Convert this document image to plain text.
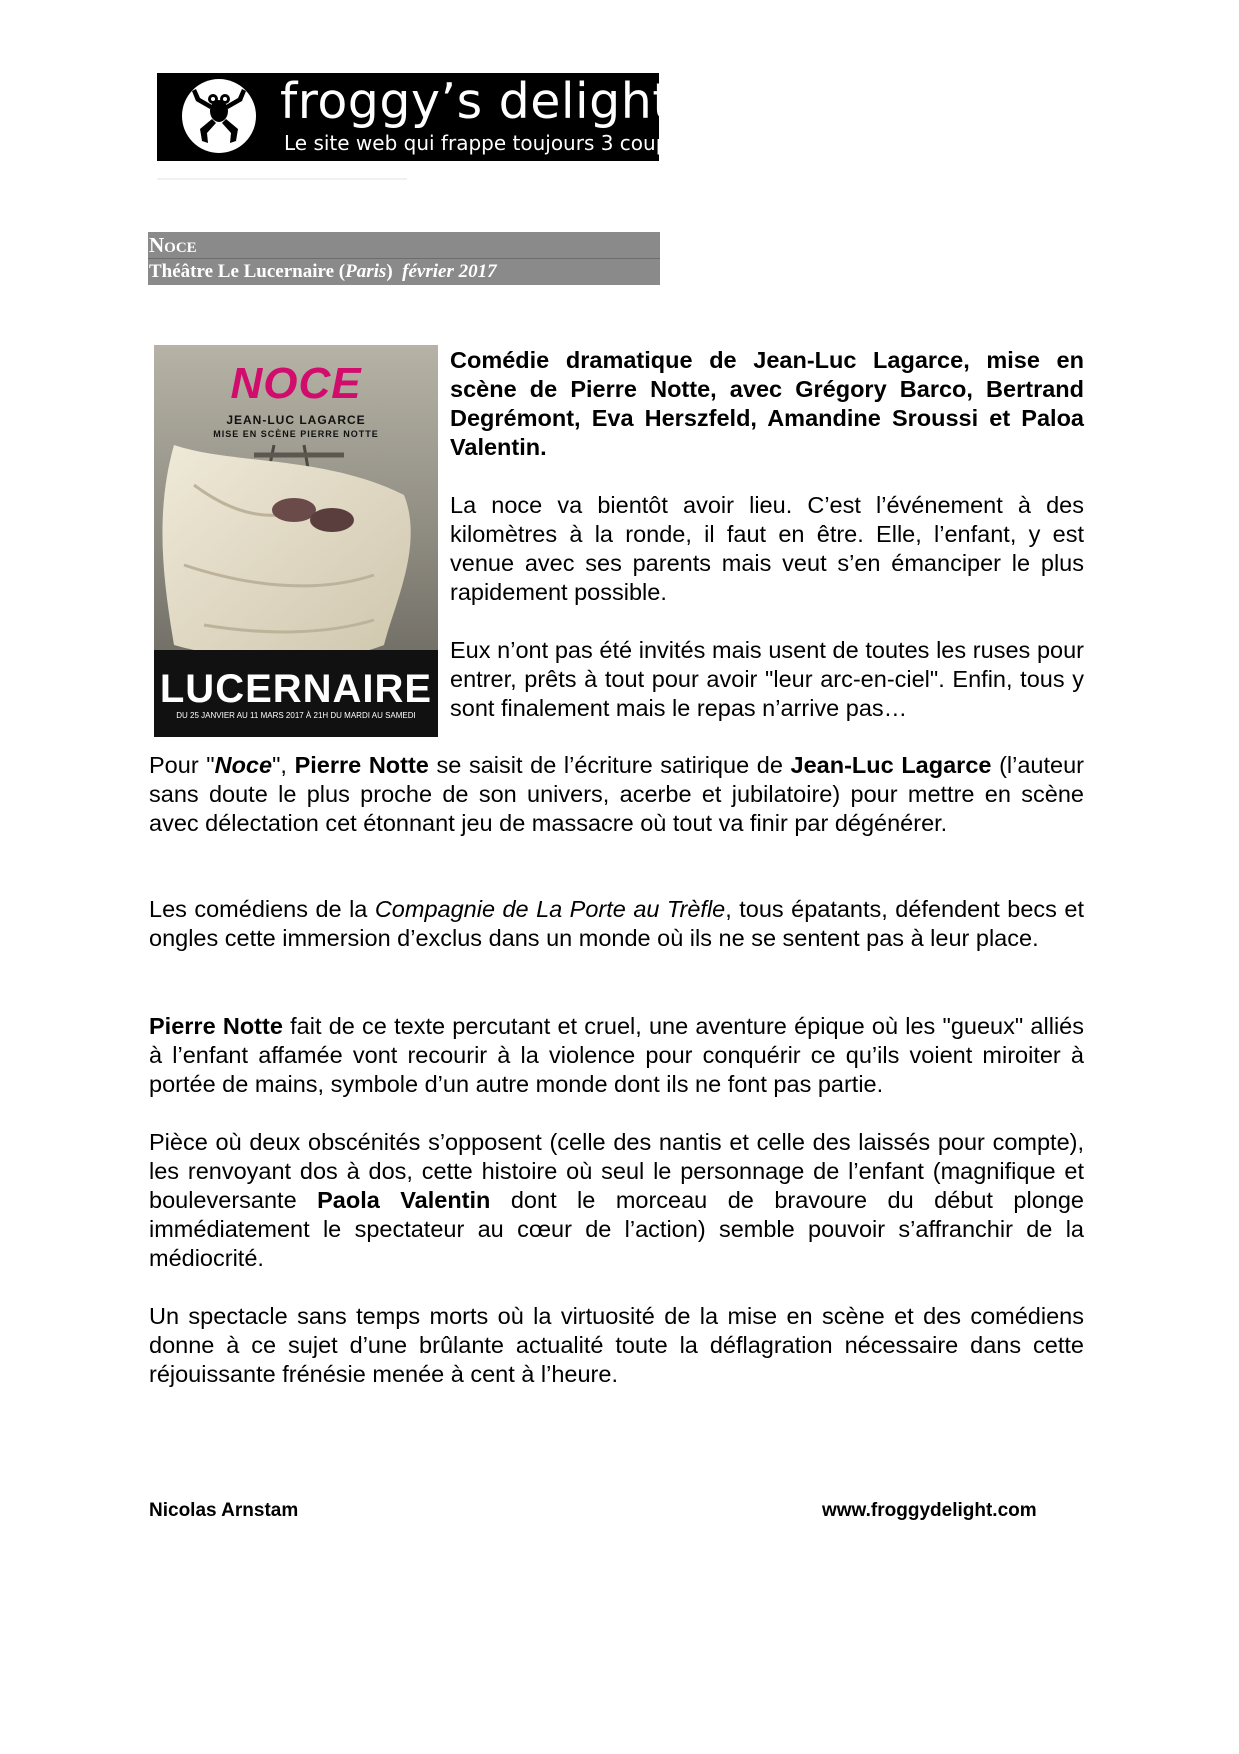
froggy’s delight
Le site web qui frappe toujours 3 coups
Noce
Théâtre Le Lucernaire (Paris)  février 2017
NOCE
JEAN-LUC LAGARCE
MISE EN SCÈNE PIERRE NOTTE
LUCERNAIRE
DU 25 JANVIER AU 11 MARS 2017 À 21H DU MARDI AU SAMEDI

Comédie dramatique de Jean-Luc Lagarce, mise en scène de Pierre Notte, avec Grégory Barco, Bertrand Degrémont, Eva Herszfeld, Amandine Sroussi et Paloa Valentin.

La noce va bientôt avoir lieu. C’est l’événement à des kilomètres à la ronde, il faut en être. Elle, l’enfant, y est venue avec ses parents mais veut s’en émanciper le plus rapidement possible.

Eux n’ont pas été invités mais usent de toutes les ruses pour entrer, prêts à tout pour avoir "leur arc-en-ciel". Enfin, tous y sont finalement mais le repas n’arrive pas…

Pour "Noce", Pierre Notte se saisit de l’écriture satirique de Jean-Luc Lagarce (l’auteur sans doute le plus proche de son univers, acerbe et jubilatoire) pour mettre en scène avec délectation cet étonnant jeu de massacre où tout va finir par dégénérer.

Les comédiens de la Compagnie de La Porte au Trèfle, tous épatants, défendent becs et ongles cette immersion d’exclus dans un monde où ils ne se sentent pas à leur place.

Pierre Notte fait de ce texte percutant et cruel, une aventure épique où les "gueux" alliés à l’enfant affamée vont recourir à la violence pour conquérir ce qu’ils voient miroiter à portée de mains, symbole d’un autre monde dont ils ne font pas partie.

Pièce où deux obscénités s’opposent (celle des nantis et celle des laissés pour compte), les renvoyant dos à dos, cette histoire où seul le personnage de l’enfant (magnifique et bouleversante Paola Valentin dont le morceau de bravoure du début plonge immédiatement le spectateur au cœur de l’action) semble pouvoir s’affranchir de la médiocrité.

Un spectacle sans temps morts où la virtuosité de la mise en scène et des comédiens donne à ce sujet d’une brûlante actualité toute la déflagration nécessaire dans cette réjouissante frénésie menée à cent à l’heure.

Nicolas Arnstam	www.froggydelight.com
